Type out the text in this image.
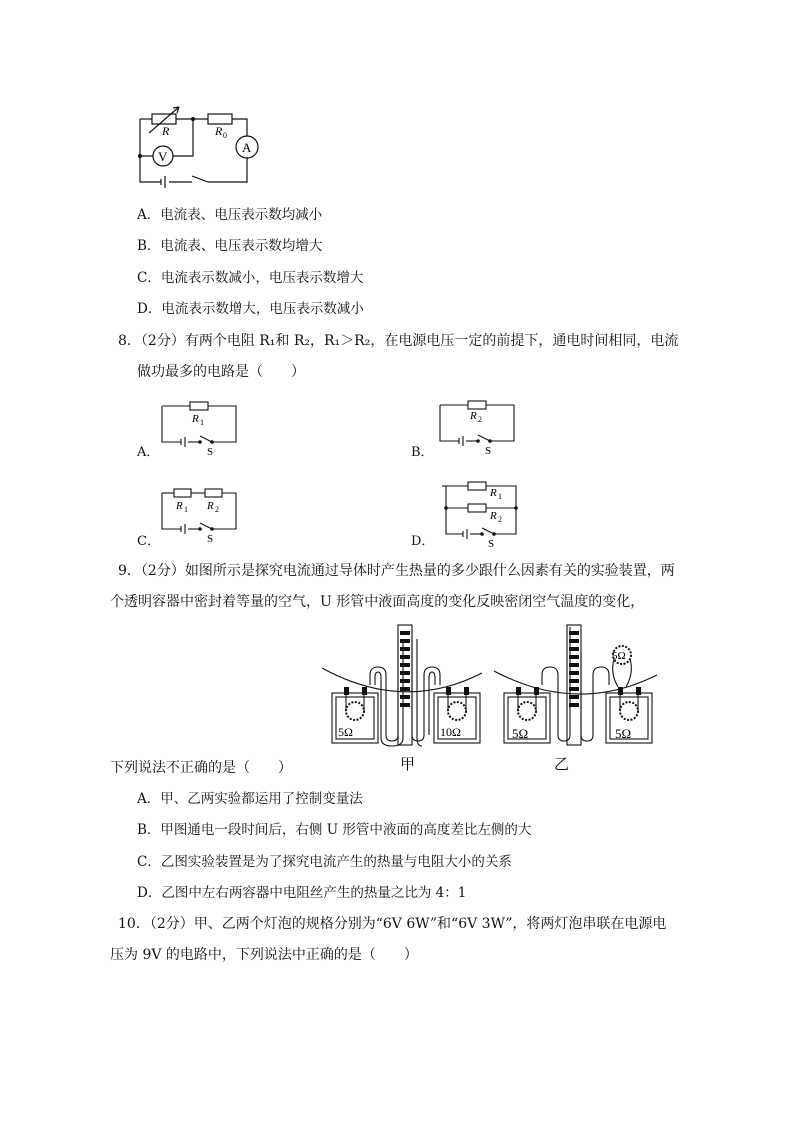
R	R 0
A
V
A．电流表、电压表示数均减小
B．电流表、电压表示数均增大
C．电流表示数减小，电压表示数增大
D．电流表示数增大，电压表示数减小
8．（2分）有两个电阻 R₁和 R₂，R₁＞R₂，在电源电压一定的前提下，通电时间相同，电流
做功最多的电路是（　　）
A．
R 1
S	B．
R 2
S
C．
R 1 R 2
S	D．
R 1
R 2
S
9．（2分）如图所示是探究电流通过导体时产生热量的多少跟什么因素有关的实验装置，两
个透明容器中密封着等量的空气，U 形管中液面高度的变化反映密闭空气温度的变化，
5Ω	10Ω	5Ω	5Ω
5Ω
甲	乙
下列说法不正确的是（　　）
A．甲、乙两实验都运用了控制变量法
B．甲图通电一段时间后，右侧 U 形管中液面的高度差比左侧的大
C．乙图实验装置是为了探究电流产生的热量与电阻大小的关系
D．乙图中左右两容器中电阻丝产生的热量之比为 4：1
10．（2分）甲、乙两个灯泡的规格分别为“6V 6W”和“6V 3W”，将两灯泡串联在电源电
压为 9V 的电路中，下列说法中正确的是（　　）
